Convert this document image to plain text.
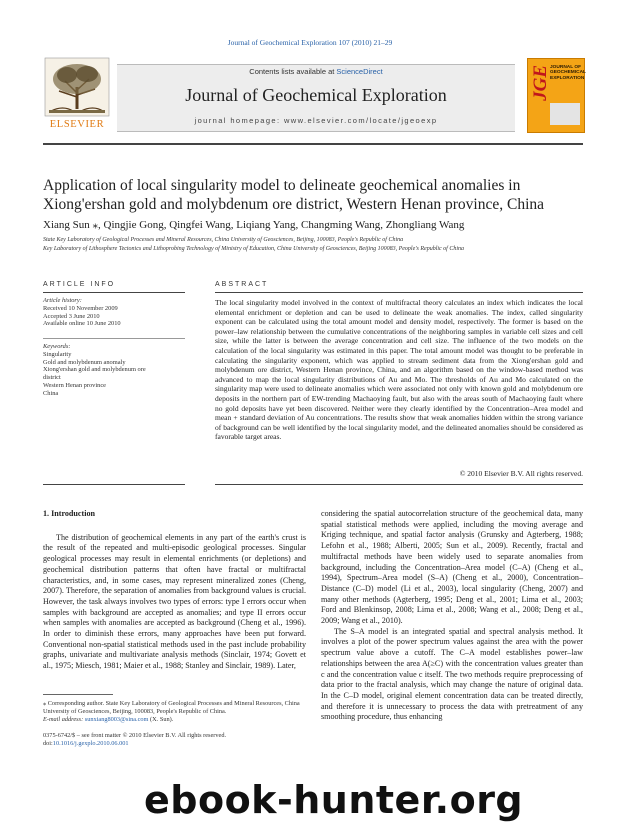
Journal of Geochemical Exploration 107 (2010) 21–29
ELSEVIER
Contents lists available at ScienceDirect
Journal of Geochemical Exploration
journal homepage: www.elsevier.com/locate/jgeoexp
JGE JOURNAL OF GEOCHEMICAL EXPLORATION
Application of local singularity model to delineate geochemical anomalies in Xiong'ershan gold and molybdenum ore district, Western Henan province, China
Xiang Sun ⁎, Qingjie Gong, Qingfei Wang, Liqiang Yang, Changming Wang, Zhongliang Wang
State Key Laboratory of Geological Processes and Mineral Resources, China University of Geosciences, Beijing, 100083, People's Republic of China
Key Laboratory of Lithosphere Tectonics and Lithoprobing Technology of Ministry of Education, China University of Geosciences, Beijing 100083, People's Republic of China
ARTICLE INFO	ABSTRACT
Article history:
Received 10 November 2009
Accepted 3 June 2010
Available online 10 June 2010
Keywords:
Singularity
Gold and molybdenum anomaly
Xiong'ershan gold and molybdenum ore
district
Western Henan province
China
The local singularity model involved in the context of multifractal theory calculates an index which indicates the local elemental enrichment or depletion and can be used to delineate the weak anomalies. The index, called singularity exponent can be calculated using the total amount model and density model, respectively. The former is based on the power–law relationship between the cumulative concentrations of the neighboring samples in variable cell sizes and cell size, while the latter is between the average concentration and cell size. The influence of the two models on the calculation of the local singularity was estimated in this paper. The total amount model was thought to be preferable in calculating the singularity exponent, which was applied to stream sediment data from the Xiong'ershan gold and molybdenum ore district, Western Henan province, China, and an algorithm based on the window-based method was advanced to map the local singularity distributions of Au and Mo. The thresholds of Au and Mo calculated on the singularity map were used to delineate anomalies which were associated not only with known gold and molybdenum ore deposits in the northern part of EW-trending Machaoying fault, but also with the areas south of Machaoying fault where no gold deposits have yet been discovered. Neither were they clearly identified by the Concentration–Area model and mean + standard deviation of Au concentrations. The results show that weak anomalies hidden within the strong variance of background can be well identified by the local singularity model, and the delineated anomalies should be considered as favorable target areas.
© 2010 Elsevier B.V. All rights reserved.
1. Introduction

The distribution of geochemical elements in any part of the earth's crust is the result of the repeated and multi-episodic geological processes. Singular geological processes may result in elemental enrichments (or depletions) and geochemical distribution patterns that often have fractal or multifractal characteristics, and, in some cases, may represent mineralized zones (Cheng, 2007). Therefore, the separation of anomalies from background values is crucial. However, the task always involves two types of errors: type I errors occur when samples with background are accepted as anomalies; and type II errors occur when samples with anomalies are accepted as background (Cheng et al., 1996). In order to diminish these errors, many approaches have been put forward. Conventional non-spatial statistical methods used in the past include probability graphs, univariate and multivariate analysis methods (Sinclair, 1974; Govett et al., 1975; Miesch, 1981; Maier et al., 1988; Stanley and Sinclair, 1989). Later,

considering the spatial autocorrelation structure of the geochemical data, many spatial statistical methods were applied, including the moving average and Kriging technique, and spatial factor analysis (Grunsky and Agterberg, 1988; Lefohn et al., 1988; Alberti, 2005; Sun et al., 2009). Recently, fractal and multifractal methods have been widely used to separate anomalies from background, including the Concentration–Area model (C–A) (Cheng et al., 1994), Spectrum–Area model (S–A) (Cheng et al., 2000), Concentration–Distance (C–D) model (Li et al., 2003), local singularity (Cheng, 2007) and many other methods (Agterberg, 1995; Deng et al., 2001; Lima et al., 2003; Ford and Blenkinsop, 2008; Lima et al., 2008; Wang et al., 2008; Deng et al., 2009; Wang et al., 2010).

The S–A model is an integrated spatial and spectral analysis method. It involves a plot of the power spectrum values against the area with the power spectrum value above a cutoff. The C–A model establishes power–law relationships between the area A(≥C) with the concentration values greater than c and the concentration value c itself. The two methods require preprocessing of data prior to the fractal analysis, which may change the nature of original data. In the C–D model, original element concentration data can be treated directly, and therefore it is unnecessary to process the data with pretreatment of any smoothing procedure, thus enhancing

⁎ Corresponding author. State Key Laboratory of Geological Processes and Mineral Resources, China University of Geosciences, Beijing, 100083, People's Republic of China.
E-mail address: sunxiang8003@sina.com (X. Sun).
0375-6742/$ – see front matter © 2010 Elsevier B.V. All rights reserved.
doi:10.1016/j.gexplo.2010.06.001
ebook-hunter.org
